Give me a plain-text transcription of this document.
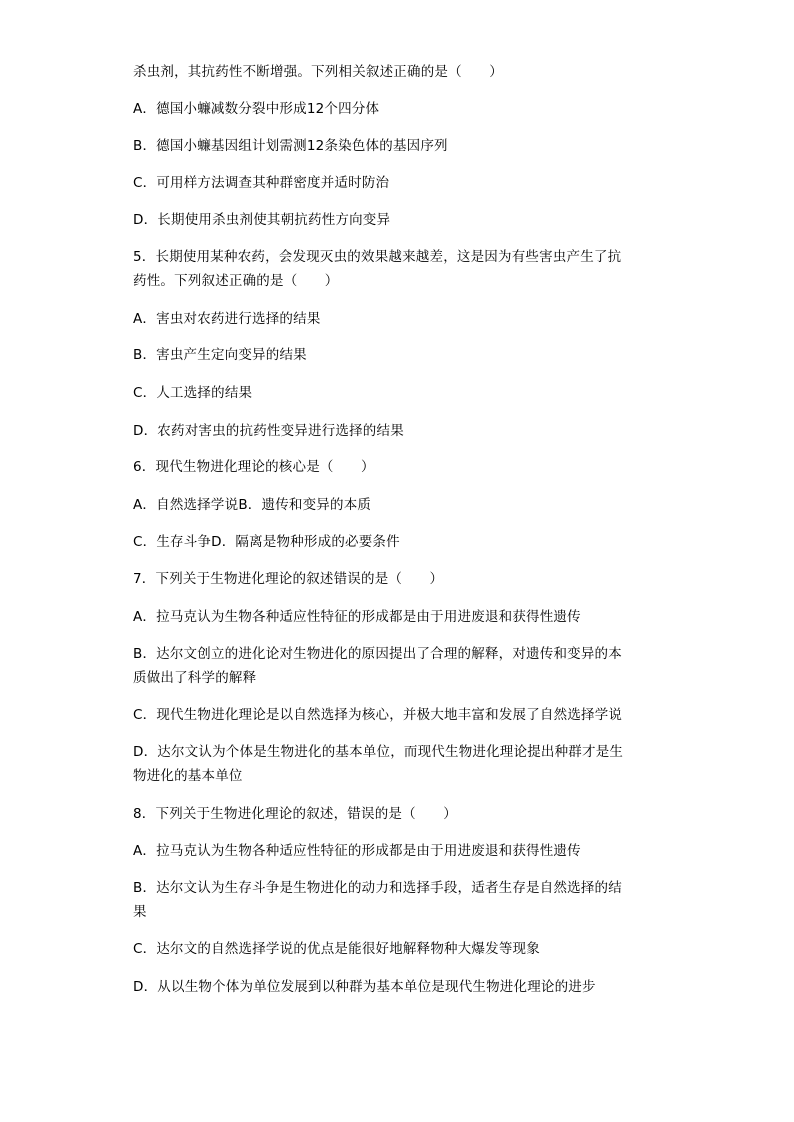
杀虫剂，其抗药性不断增强。下列相关叙述正确的是（　　）
A．德国小蠊减数分裂中形成12个四分体
B．德国小蠊基因组计划需测12条染色体的基因序列
C．可用样方法调查其种群密度并适时防治
D．长期使用杀虫剂使其朝抗药性方向变异
5．长期使用某种农药，会发现灭虫的效果越来越差，这是因为有些害虫产生了抗
药性。下列叙述正确的是（　　）
A．害虫对农药进行选择的结果
B．害虫产生定向变异的结果
C．人工选择的结果
D．农药对害虫的抗药性变异进行选择的结果
6．现代生物进化理论的核心是（　　）
A．自然选择学说B．遗传和变异的本质
C．生存斗争D．隔离是物种形成的必要条件
7．下列关于生物进化理论的叙述错误的是（　　）
A．拉马克认为生物各种适应性特征的形成都是由于用进废退和获得性遗传
B．达尔文创立的进化论对生物进化的原因提出了合理的解释，对遗传和变异的本
质做出了科学的解释
C．现代生物进化理论是以自然选择为核心，并极大地丰富和发展了自然选择学说
D．达尔文认为个体是生物进化的基本单位，而现代生物进化理论提出种群才是生
物进化的基本单位
8．下列关于生物进化理论的叙述，错误的是（　　）
A．拉马克认为生物各种适应性特征的形成都是由于用进废退和获得性遗传
B．达尔文认为生存斗争是生物进化的动力和选择手段，适者生存是自然选择的结
果
C．达尔文的自然选择学说的优点是能很好地解释物种大爆发等现象
D．从以生物个体为单位发展到以种群为基本单位是现代生物进化理论的进步
